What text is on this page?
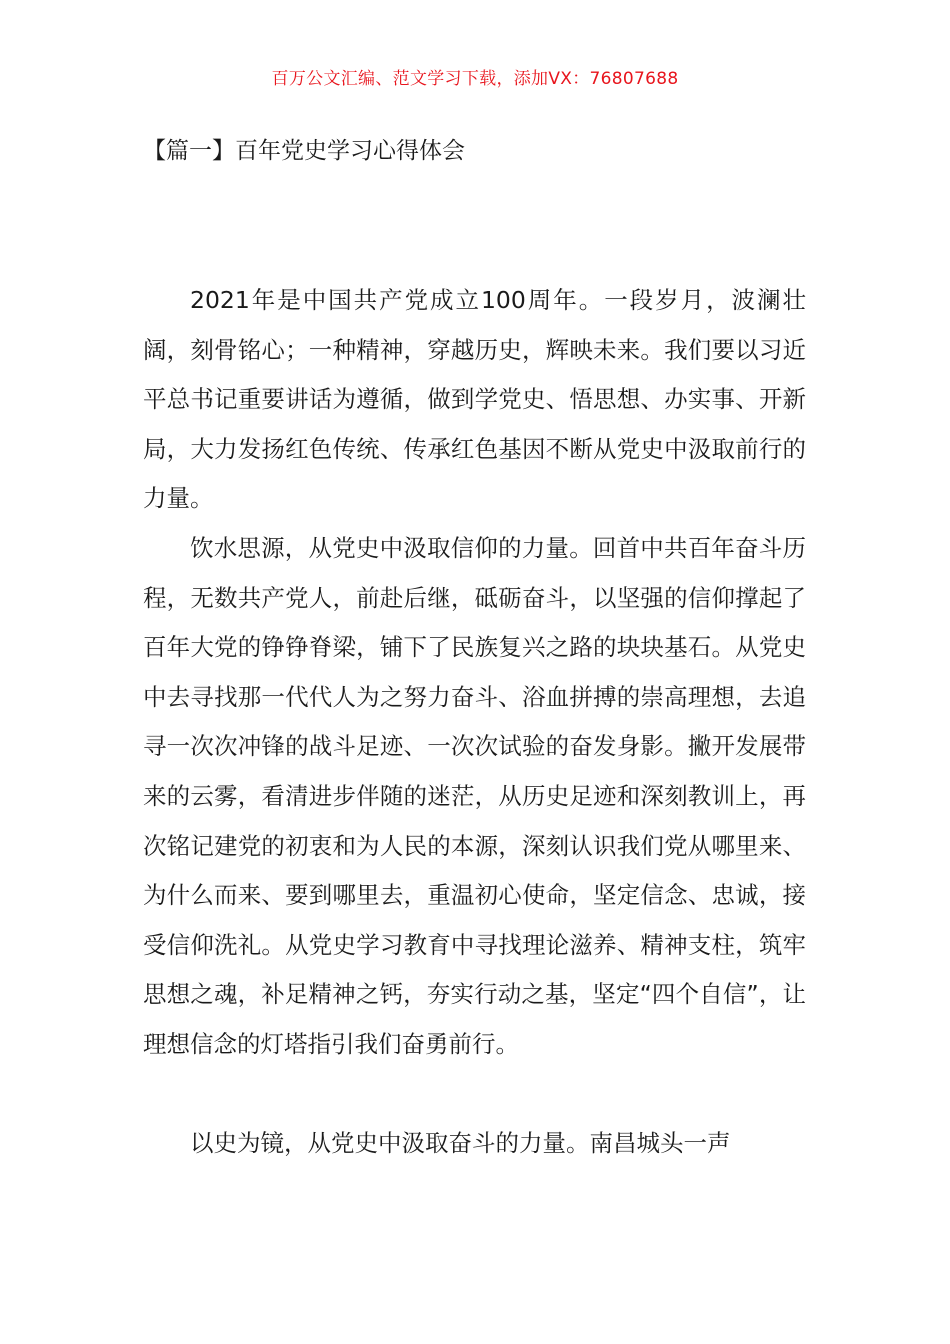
百万公文汇编、范文学习下载，添加VX：76807688
【篇一】百年党史学习心得体会

2021年是中国共产党成立100周年。一段岁月，波澜壮阔，刻骨铭心；一种精神，穿越历史，辉映未来。我们要以习近平总书记重要讲话为遵循，做到学党史、悟思想、办实事、开新局，大力发扬红色传统、传承红色基因不断从党史中汲取前行的力量。

饮水思源，从党史中汲取信仰的力量。回首中共百年奋斗历程，无数共产党人，前赴后继，砥砺奋斗，以坚强的信仰撑起了百年大党的铮铮脊梁，铺下了民族复兴之路的块块基石。从党史中去寻找那一代代人为之努力奋斗、浴血拼搏的崇高理想，去追寻一次次冲锋的战斗足迹、一次次试验的奋发身影。撇开发展带来的云雾，看清进步伴随的迷茫，从历史足迹和深刻教训上，再次铭记建党的初衷和为人民的本源，深刻认识我们党从哪里来、为什么而来、要到哪里去，重温初心使命，坚定信念、忠诚，接受信仰洗礼。从党史学习教育中寻找理论滋养、精神支柱，筑牢思想之魂，补足精神之钙，夯实行动之基，坚定“四个自信”，让理想信念的灯塔指引我们奋勇前行。

以史为镜，从党史中汲取奋斗的力量。南昌城头一声
